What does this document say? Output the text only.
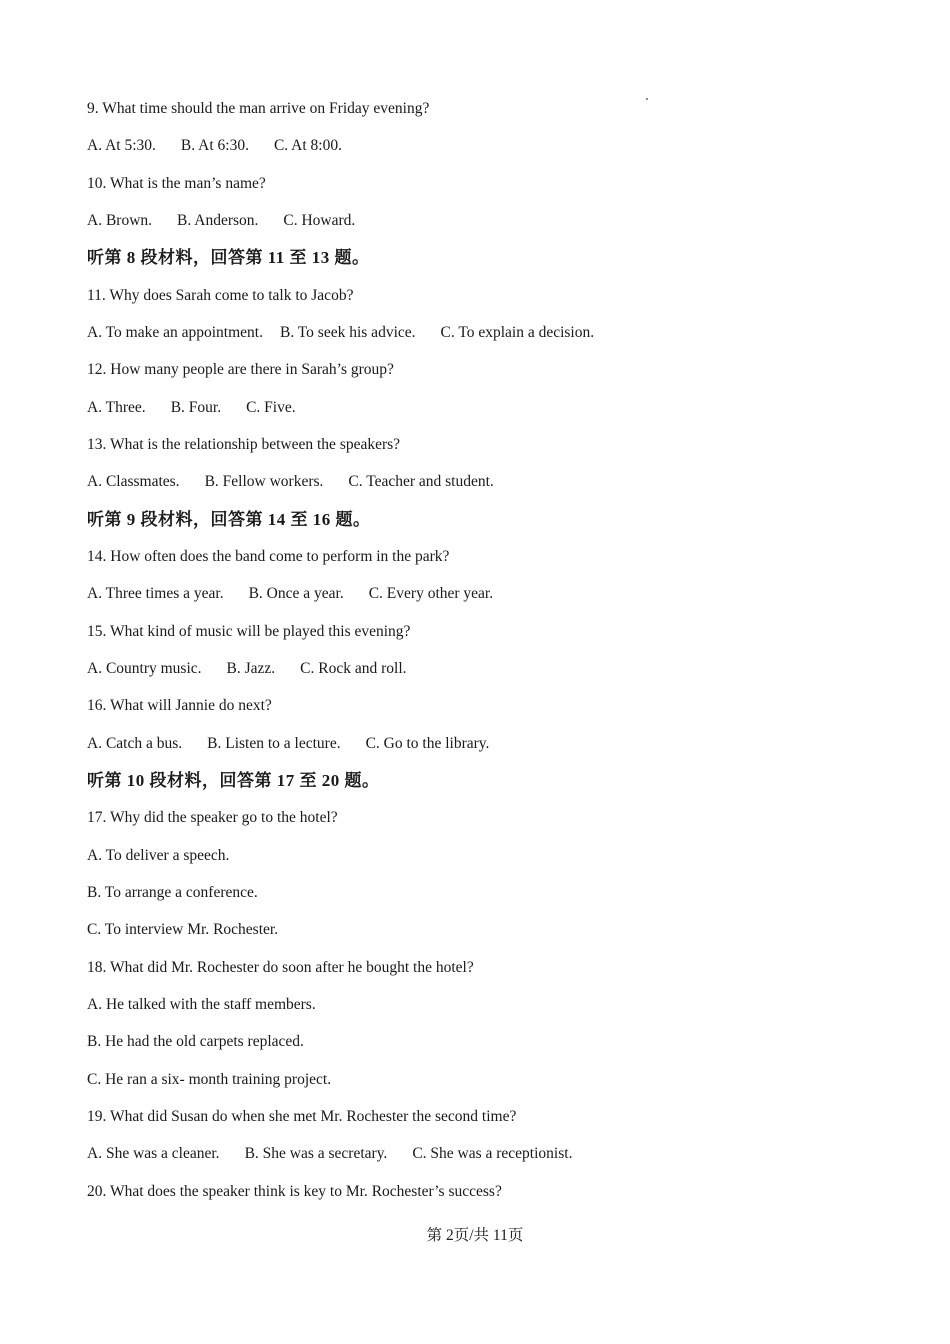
9. What time should the man arrive on Friday evening?
A. At 5:30. B. At 6:30. C. At 8:00.
10. What is the man’s name?
A. Brown. B. Anderson. C. Howard.
听第 8 段材料，回答第 11 至 13 题。
11. Why does Sarah come to talk to Jacob?
A. To make an appointment. B. To seek his advice. C. To explain a decision.
12. How many people are there in Sarah’s group?
A. Three. B. Four. C. Five.
13. What is the relationship between the speakers?
A. Classmates. B. Fellow workers. C. Teacher and student.
听第 9 段材料，回答第 14 至 16 题。
14. How often does the band come to perform in the park?
A. Three times a year. B. Once a year. C. Every other year.
15. What kind of music will be played this evening?
A. Country music. B. Jazz. C. Rock and roll.
16. What will Jannie do next?
A. Catch a bus. B. Listen to a lecture. C. Go to the library.
听第 10 段材料，回答第 17 至 20 题。
17. Why did the speaker go to the hotel?
A. To deliver a speech.
B. To arrange a conference.
C. To interview Mr. Rochester.
18. What did Mr. Rochester do soon after he bought the hotel?
A. He talked with the staff members.
B. He had the old carpets replaced.
C. He ran a six- month training project.
19. What did Susan do when she met Mr. Rochester the second time?
A. She was a cleaner. B. She was a secretary. C. She was a receptionist.
20. What does the speaker think is key to Mr. Rochester’s success?
第 2页/共 11页
